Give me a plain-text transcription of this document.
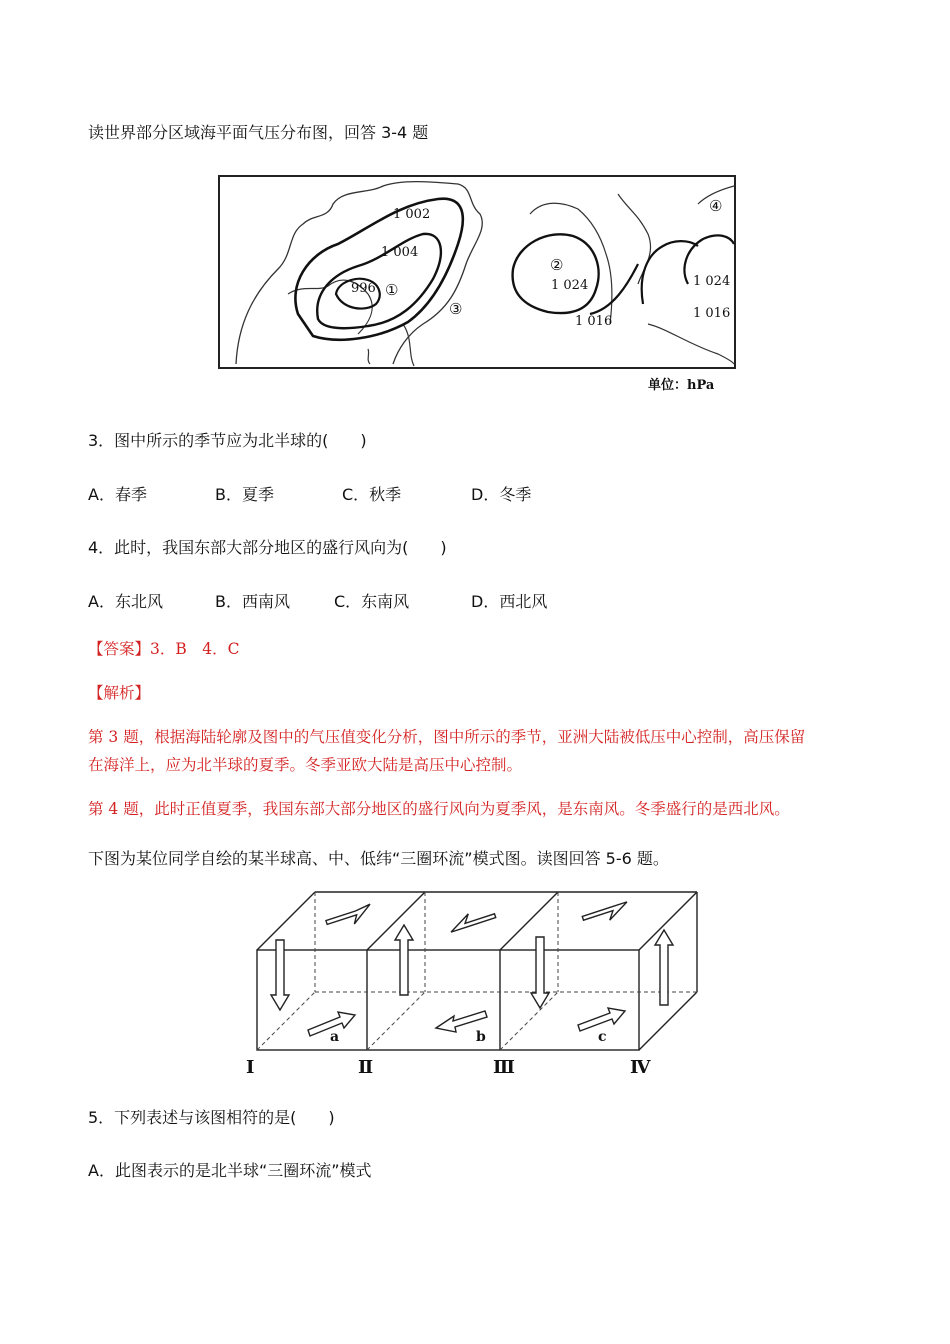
读世界部分区域海平面气压分布图，回答 3-4 题
1 002
1 004
996	1 024
1 016
1 024
1 016
①
②
③
④
单位：hPa
3．图中所示的季节应为北半球的(　　)
A．春季	B．夏季	C．秋季	D．冬季
4．此时，我国东部大部分地区的盛行风向为(　　)
A．东北风	B．西南风	C．东南风	D．西北风
【答案】3．B　4．C
【解析】
第 3 题，根据海陆轮廓及图中的气压值变化分析，图中所示的季节，亚洲大陆被低压中心控制，高压保留
在海洋上，应为北半球的夏季。冬季亚欧大陆是高压中心控制。
第 4 题，此时正值夏季，我国东部大部分地区的盛行风向为夏季风，是东南风。冬季盛行的是西北风。
下图为某位同学自绘的某半球高、中、低纬“三圈环流”模式图。读图回答 5-6 题。
a	b	c
Ⅰ	Ⅱ	Ⅲ	Ⅳ
5．下列表述与该图相符的是(　　)
A．此图表示的是北半球“三圈环流”模式
